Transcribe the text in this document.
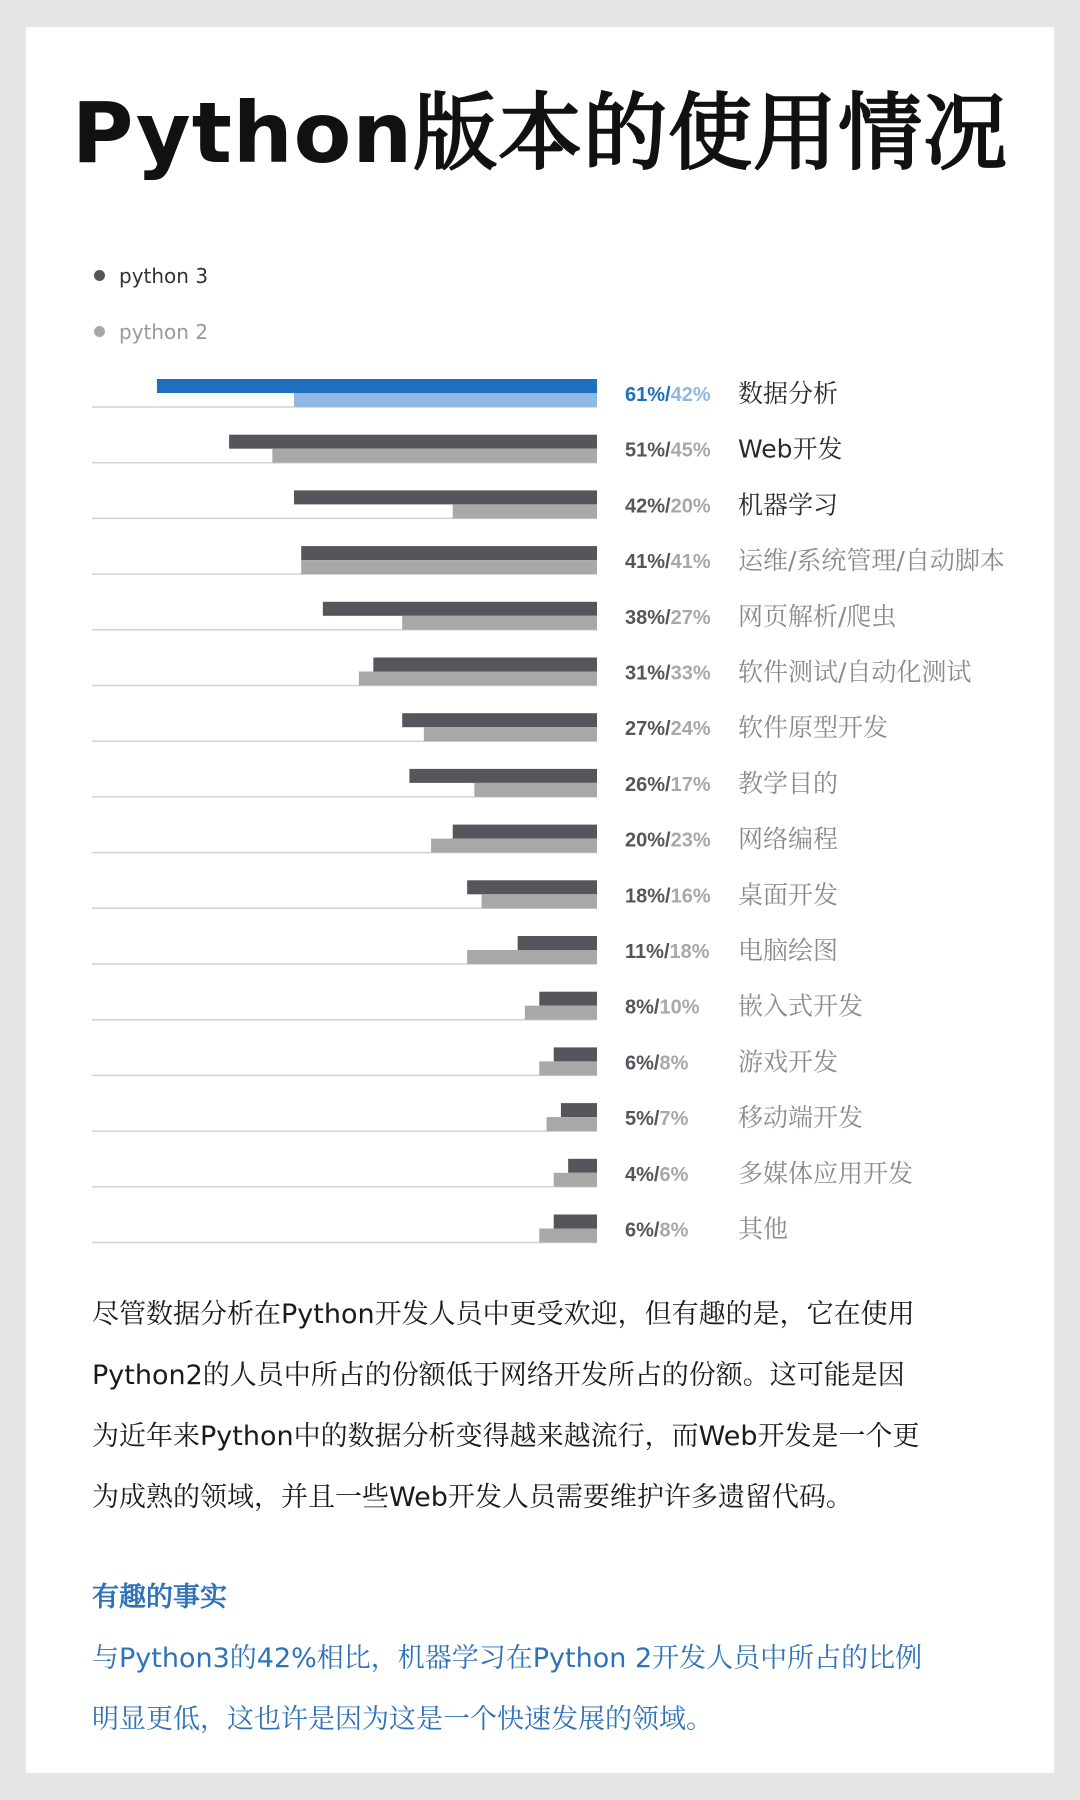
Python版本的使用情况
python 3
python 2
61%/42% 数据分析
51%/45% Web开发
42%/20% 机器学习
41%/41% 运维/系统管理/自动脚本
38%/27% 网页解析/爬虫
31%/33% 软件测试/自动化测试
27%/24% 软件原型开发
26%/17% 教学目的
20%/23% 网络编程
18%/16% 桌面开发
11%/18% 电脑绘图
8%/10% 嵌入式开发
6%/8% 游戏开发
5%/7% 移动端开发
4%/6% 多媒体应用开发
6%/8% 其他

尽管数据分析在Python开发人员中更受欢迎，但有趣的是，它在使用
Python2的人员中所占的份额低于网络开发所占的份额。这可能是因
为近年来Python中的数据分析变得越来越流行，而Web开发是一个更
为成熟的领域，并且一些Web开发人员需要维护许多遗留代码。

有趣的事实

与Python3的42%相比，机器学习在Python 2开发人员中所占的比例
明显更低，这也许是因为这是一个快速发展的领域。
